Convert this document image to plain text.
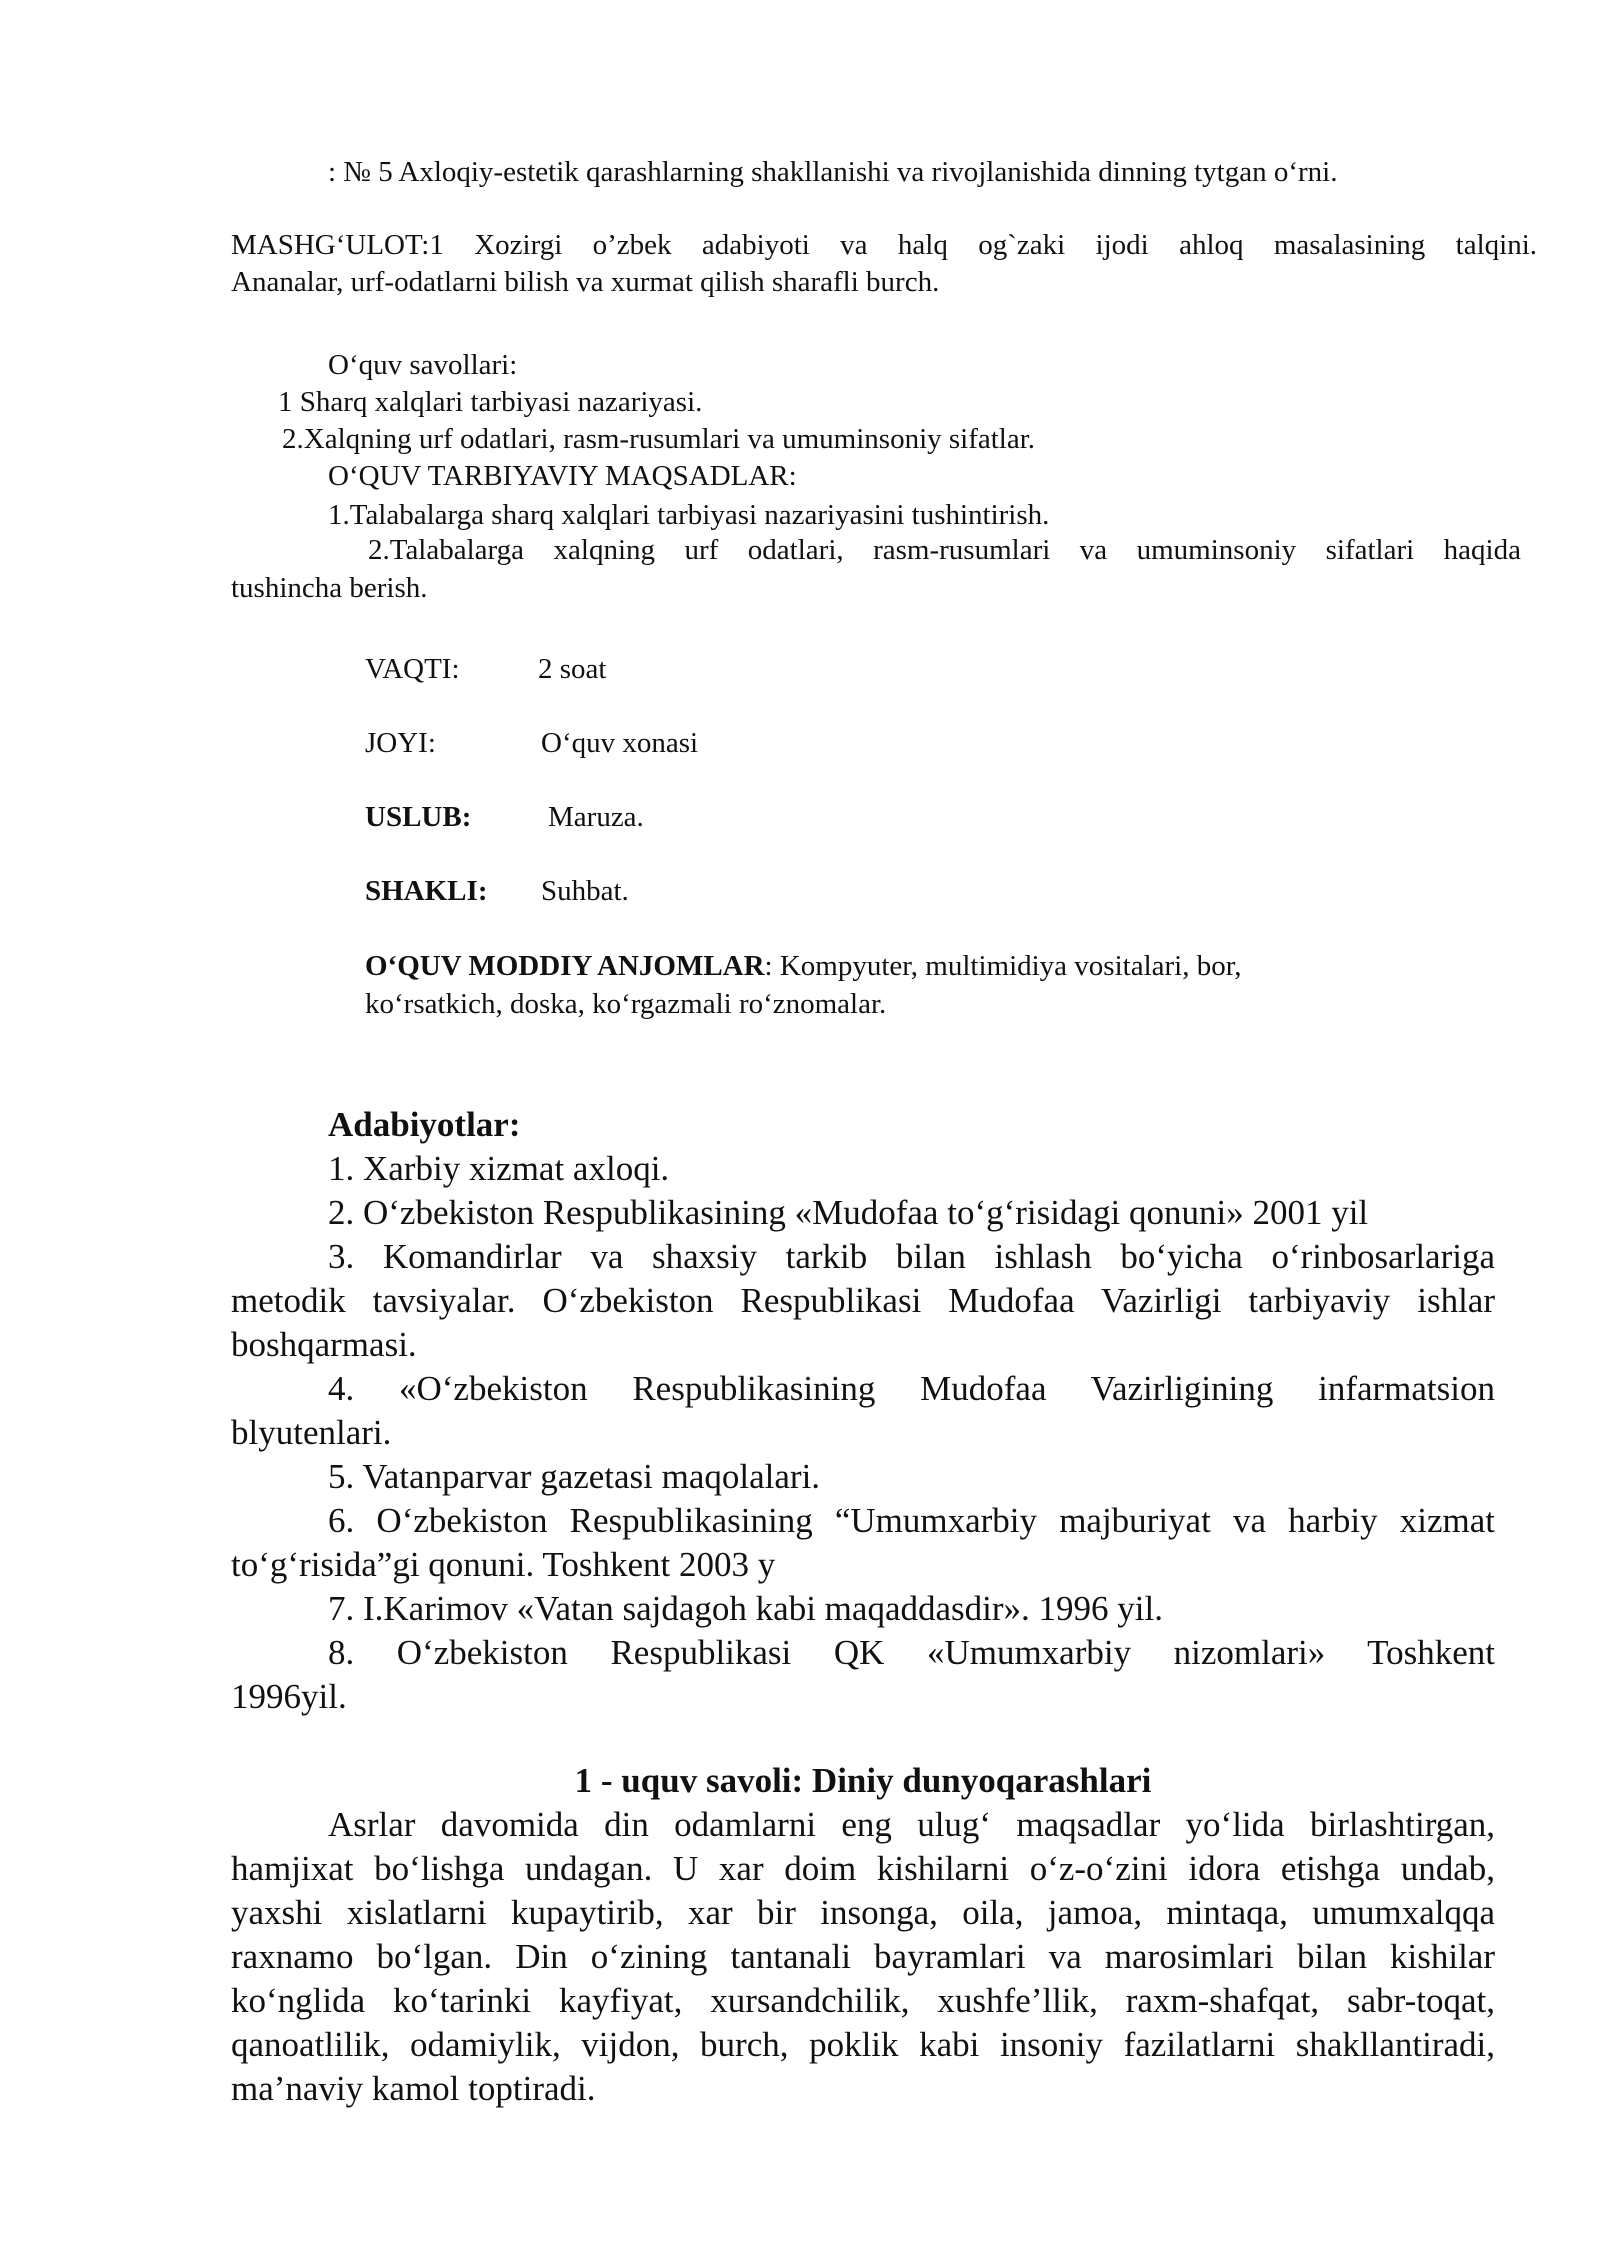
: № 5 Axloqiy-estetik qarashlarning shakllanishi va rivojlanishida dinning tytgan o‘rni.

MASHG‘ULOT:1 Xozirgi o’zbek adabiyoti va halq og`zaki ijodi ahloq masalasining talqini.

Ananalar, urf-odatlarni bilish va xurmat qilish sharafli burch.

O‘quv savollari:

1 Sharq xalqlari tarbiyasi nazariyasi.

2.Xalqning urf odatlari, rasm-rusumlari va umuminsoniy sifatlar.

O‘QUV TARBIYAVIY MAQSADLAR:

1.Talabalarga sharq xalqlari tarbiyasi nazariyasini tushintirish.

2.Talabalarga xalqning urf odatlari, rasm-rusumlari va umuminsoniy sifatlari haqida

tushincha berish.

VAQTI:	2 soat
JOYI:	O‘quv xonasi
USLUB:	Maruza.
SHAKLI: Suhbat.

O‘QUV MODDIY ANJOMLAR: Kompyuter, multimidiya vositalari, bor,

ko‘rsatkich, doska, ko‘rgazmali ro‘znomalar.

Adabiyotlar:

1. Xarbiy xizmat axloqi.

2. O‘zbekiston Respublikasining «Mudofaa to‘g‘risidagi qonuni» 2001 yil

3. Komandirlar va shaxsiy tarkib bilan ishlash bo‘yicha o‘rinbosarlariga

metodik tavsiyalar. O‘zbekiston Respublikasi Mudofaa Vazirligi tarbiyaviy ishlar

boshqarmasi.

4. «O‘zbekiston Respublikasining Mudofaa Vazirligining infarmatsion

blyutenlari.

5. Vatanparvar gazetasi maqolalari.

6. O‘zbekiston Respublikasining “Umumxarbiy majburiyat va harbiy xizmat

to‘g‘risida”gi qonuni. Toshkent 2003 y

7. I.Karimov «Vatan sajdagoh kabi maqaddasdir». 1996 yil.

8. O‘zbekiston Respublikasi QK «Umumxarbiy nizomlari» Toshkent

1996yil.

1 - uquv savoli: Diniy dunyoqarashlari

Asrlar davomida din odamlarni eng ulug‘ maqsadlar yo‘lida birlashtirgan,

hamjixat bo‘lishga undagan. U xar doim kishilarni o‘z-o‘zini idora etishga undab,

yaxshi xislatlarni kupaytirib, xar bir insonga, oila, jamoa, mintaqa, umumxalqqa

raxnamo bo‘lgan. Din o‘zining tantanali bayramlari va marosimlari bilan kishilar

ko‘nglida ko‘tarinki kayfiyat, xursandchilik, xushfe’llik, raxm-shafqat, sabr-toqat,

qanoatlilik, odamiylik, vijdon, burch, poklik kabi insoniy fazilatlarni shakllantiradi,

ma’naviy kamol toptiradi.
